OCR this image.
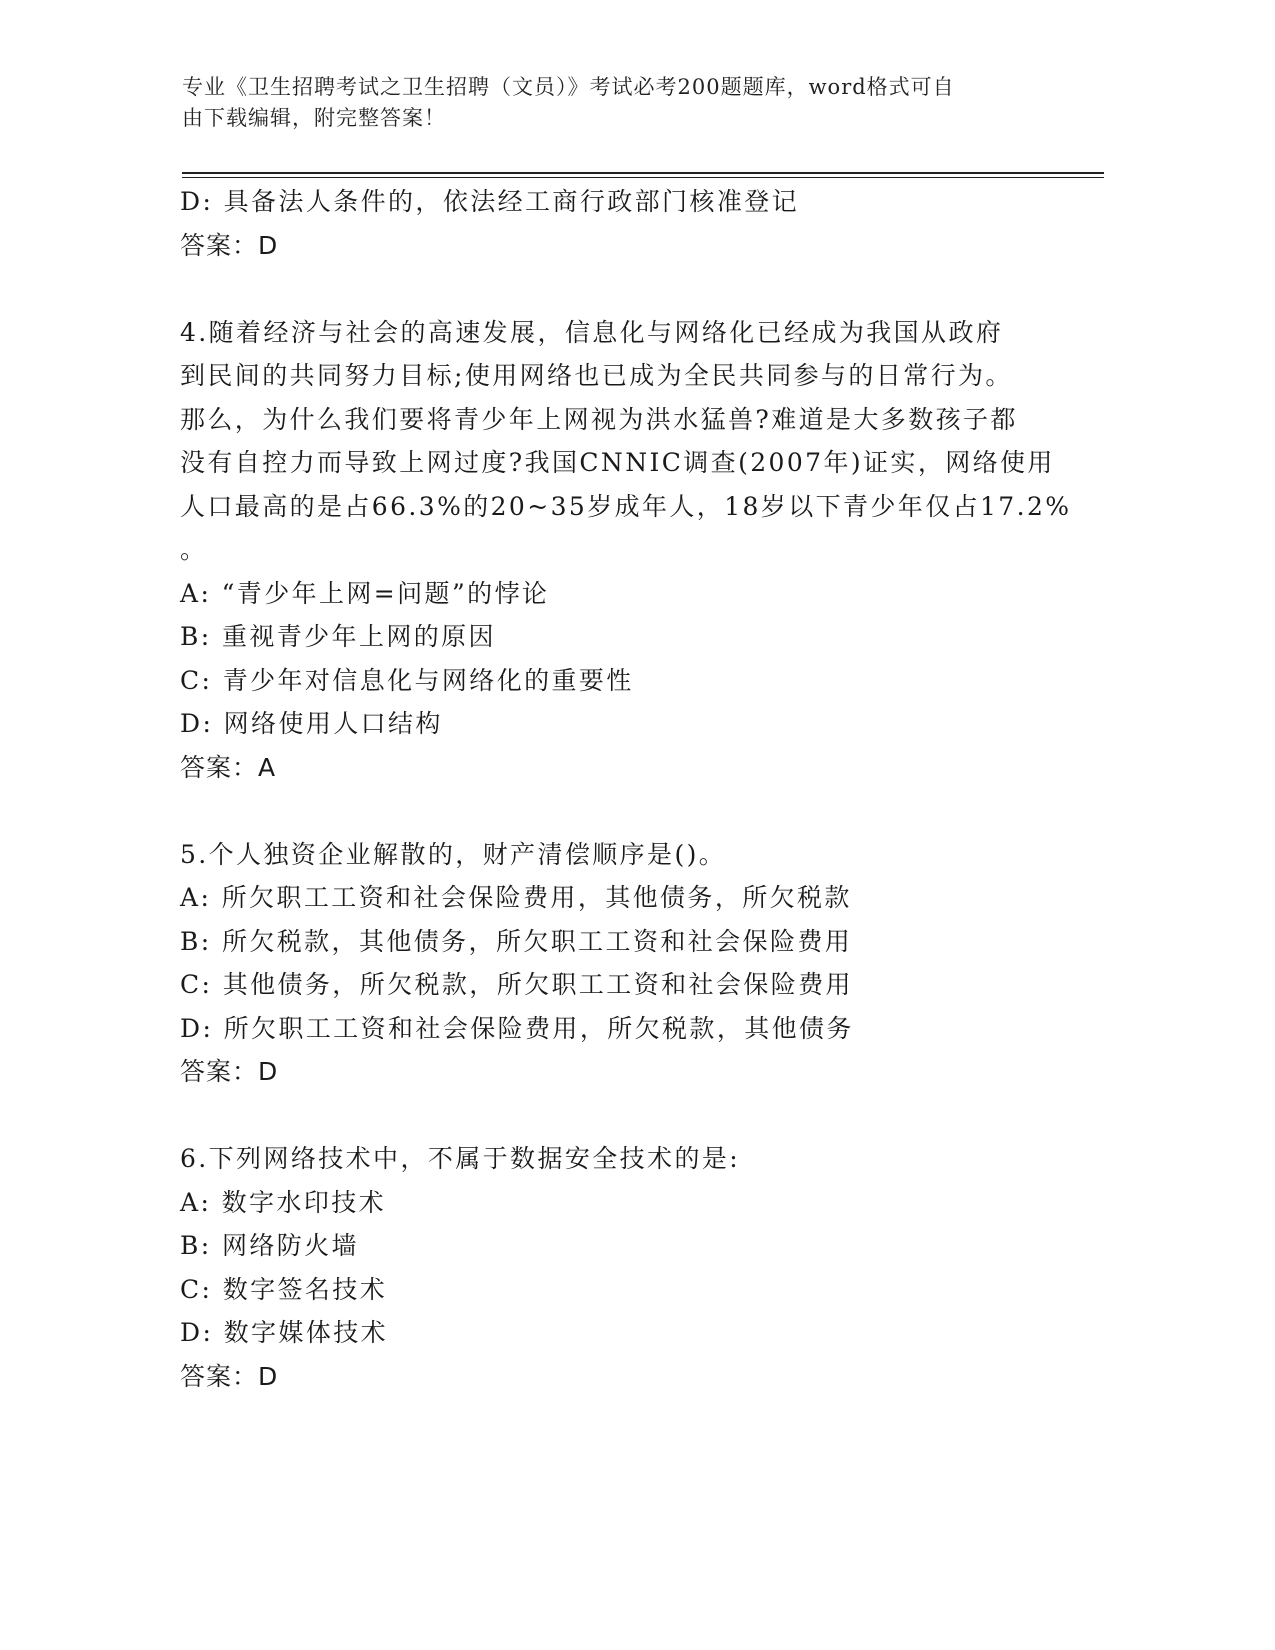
专业《卫生招聘考试之卫生招聘（文员）》考试必考200题题库，word格式可自
由下载编辑，附完整答案！
D: 具备法人条件的，依法经工商行政部门核准登记
答案：D
4.随着经济与社会的高速发展，信息化与网络化已经成为我国从政府
到民间的共同努力目标;使用网络也已成为全民共同参与的日常行为。
那么，为什么我们要将青少年上网视为洪水猛兽?难道是大多数孩子都
没有自控力而导致上网过度?我国CNNIC调查(2007年)证实，网络使用
人口最高的是占66.3%的20~35岁成年人，18岁以下青少年仅占17.2%
。
A: “青少年上网=问题”的悖论
B: 重视青少年上网的原因
C: 青少年对信息化与网络化的重要性
D: 网络使用人口结构
答案：A
5.个人独资企业解散的，财产清偿顺序是()。
A: 所欠职工工资和社会保险费用，其他债务，所欠税款
B: 所欠税款，其他债务，所欠职工工资和社会保险费用
C: 其他债务，所欠税款，所欠职工工资和社会保险费用
D: 所欠职工工资和社会保险费用，所欠税款，其他债务
答案：D
6.下列网络技术中，不属于数据安全技术的是:
A: 数字水印技术
B: 网络防火墙
C: 数字签名技术
D: 数字媒体技术
答案：D
